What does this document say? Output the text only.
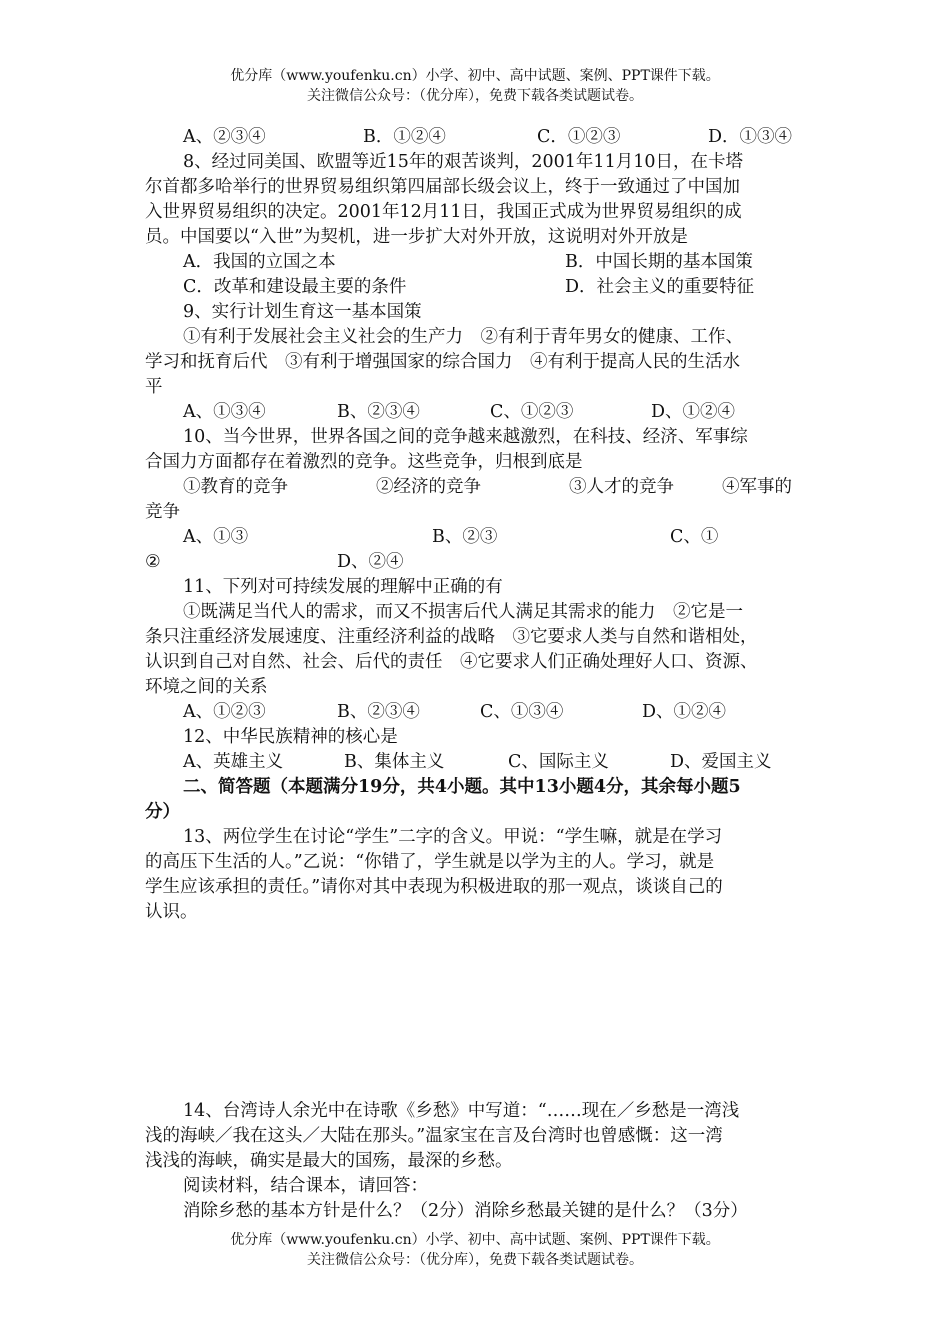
优分库（www.youfenku.cn）小学、初中、高中试题、案例、PPT课件下载。
关注微信公众号：（优分库），免费下载各类试题试卷。
A、②③④	B．①②④	C．①②③	D．①③④
8、经过同美国、欧盟等近15年的艰苦谈判，2001年11月10日，在卡塔
尔首都多哈举行的世界贸易组织第四届部长级会议上，终于一致通过了中国加
入世界贸易组织的决定。2001年12月11日，我国正式成为世界贸易组织的成
员。中国要以“入世”为契机，进一步扩大对外开放，这说明对外开放是
A．我国的立国之本	B．中国长期的基本国策
C．改革和建设最主要的条件	D．社会主义的重要特征
9、实行计划生育这一基本国策
①有利于发展社会主义社会的生产力　②有利于青年男女的健康、工作、
学习和抚育后代　③有利于增强国家的综合国力　④有利于提高人民的生活水
平
A、①③④	B、②③④	C、①②③	D、①②④
10、当今世界，世界各国之间的竞争越来越激烈，在科技、经济、军事综
合国力方面都存在着激烈的竞争。这些竞争，归根到底是
①教育的竞争	②经济的竞争	③人才的竞争	④军事的
竞争
A、①③	B、②③	C、①
②	D、②④
11、下列对可持续发展的理解中正确的有
①既满足当代人的需求，而又不损害后代人满足其需求的能力　②它是一
条只注重经济发展速度、注重经济利益的战略　③它要求人类与自然和谐相处，
认识到自己对自然、社会、后代的责任　④它要求人们正确处理好人口、资源、
环境之间的关系
A、①②③	B、②③④	C、①③④	D、①②④
12、中华民族精神的核心是
A、英雄主义	B、集体主义	C、国际主义	D、爱国主义
二、简答题（本题满分19分，共4小题。其中13小题4分，其余每小题5
分）
13、两位学生在讨论“学生”二字的含义。甲说：“学生嘛，就是在学习
的高压下生活的人。”乙说：“你错了，学生就是以学为主的人。学习，就是
学生应该承担的责任。”请你对其中表现为积极进取的那一观点，谈谈自己的
认识。
14、台湾诗人余光中在诗歌《乡愁》中写道：“……现在／乡愁是一湾浅
浅的海峡／我在这头／大陆在那头。”温家宝在言及台湾时也曾感慨：这一湾
浅浅的海峡，确实是最大的国殇，最深的乡愁。
阅读材料，结合课本，请回答：
消除乡愁的基本方针是什么？（2分）消除乡愁最关键的是什么？（3分）
优分库（www.youfenku.cn）小学、初中、高中试题、案例、PPT课件下载。
关注微信公众号：（优分库），免费下载各类试题试卷。
